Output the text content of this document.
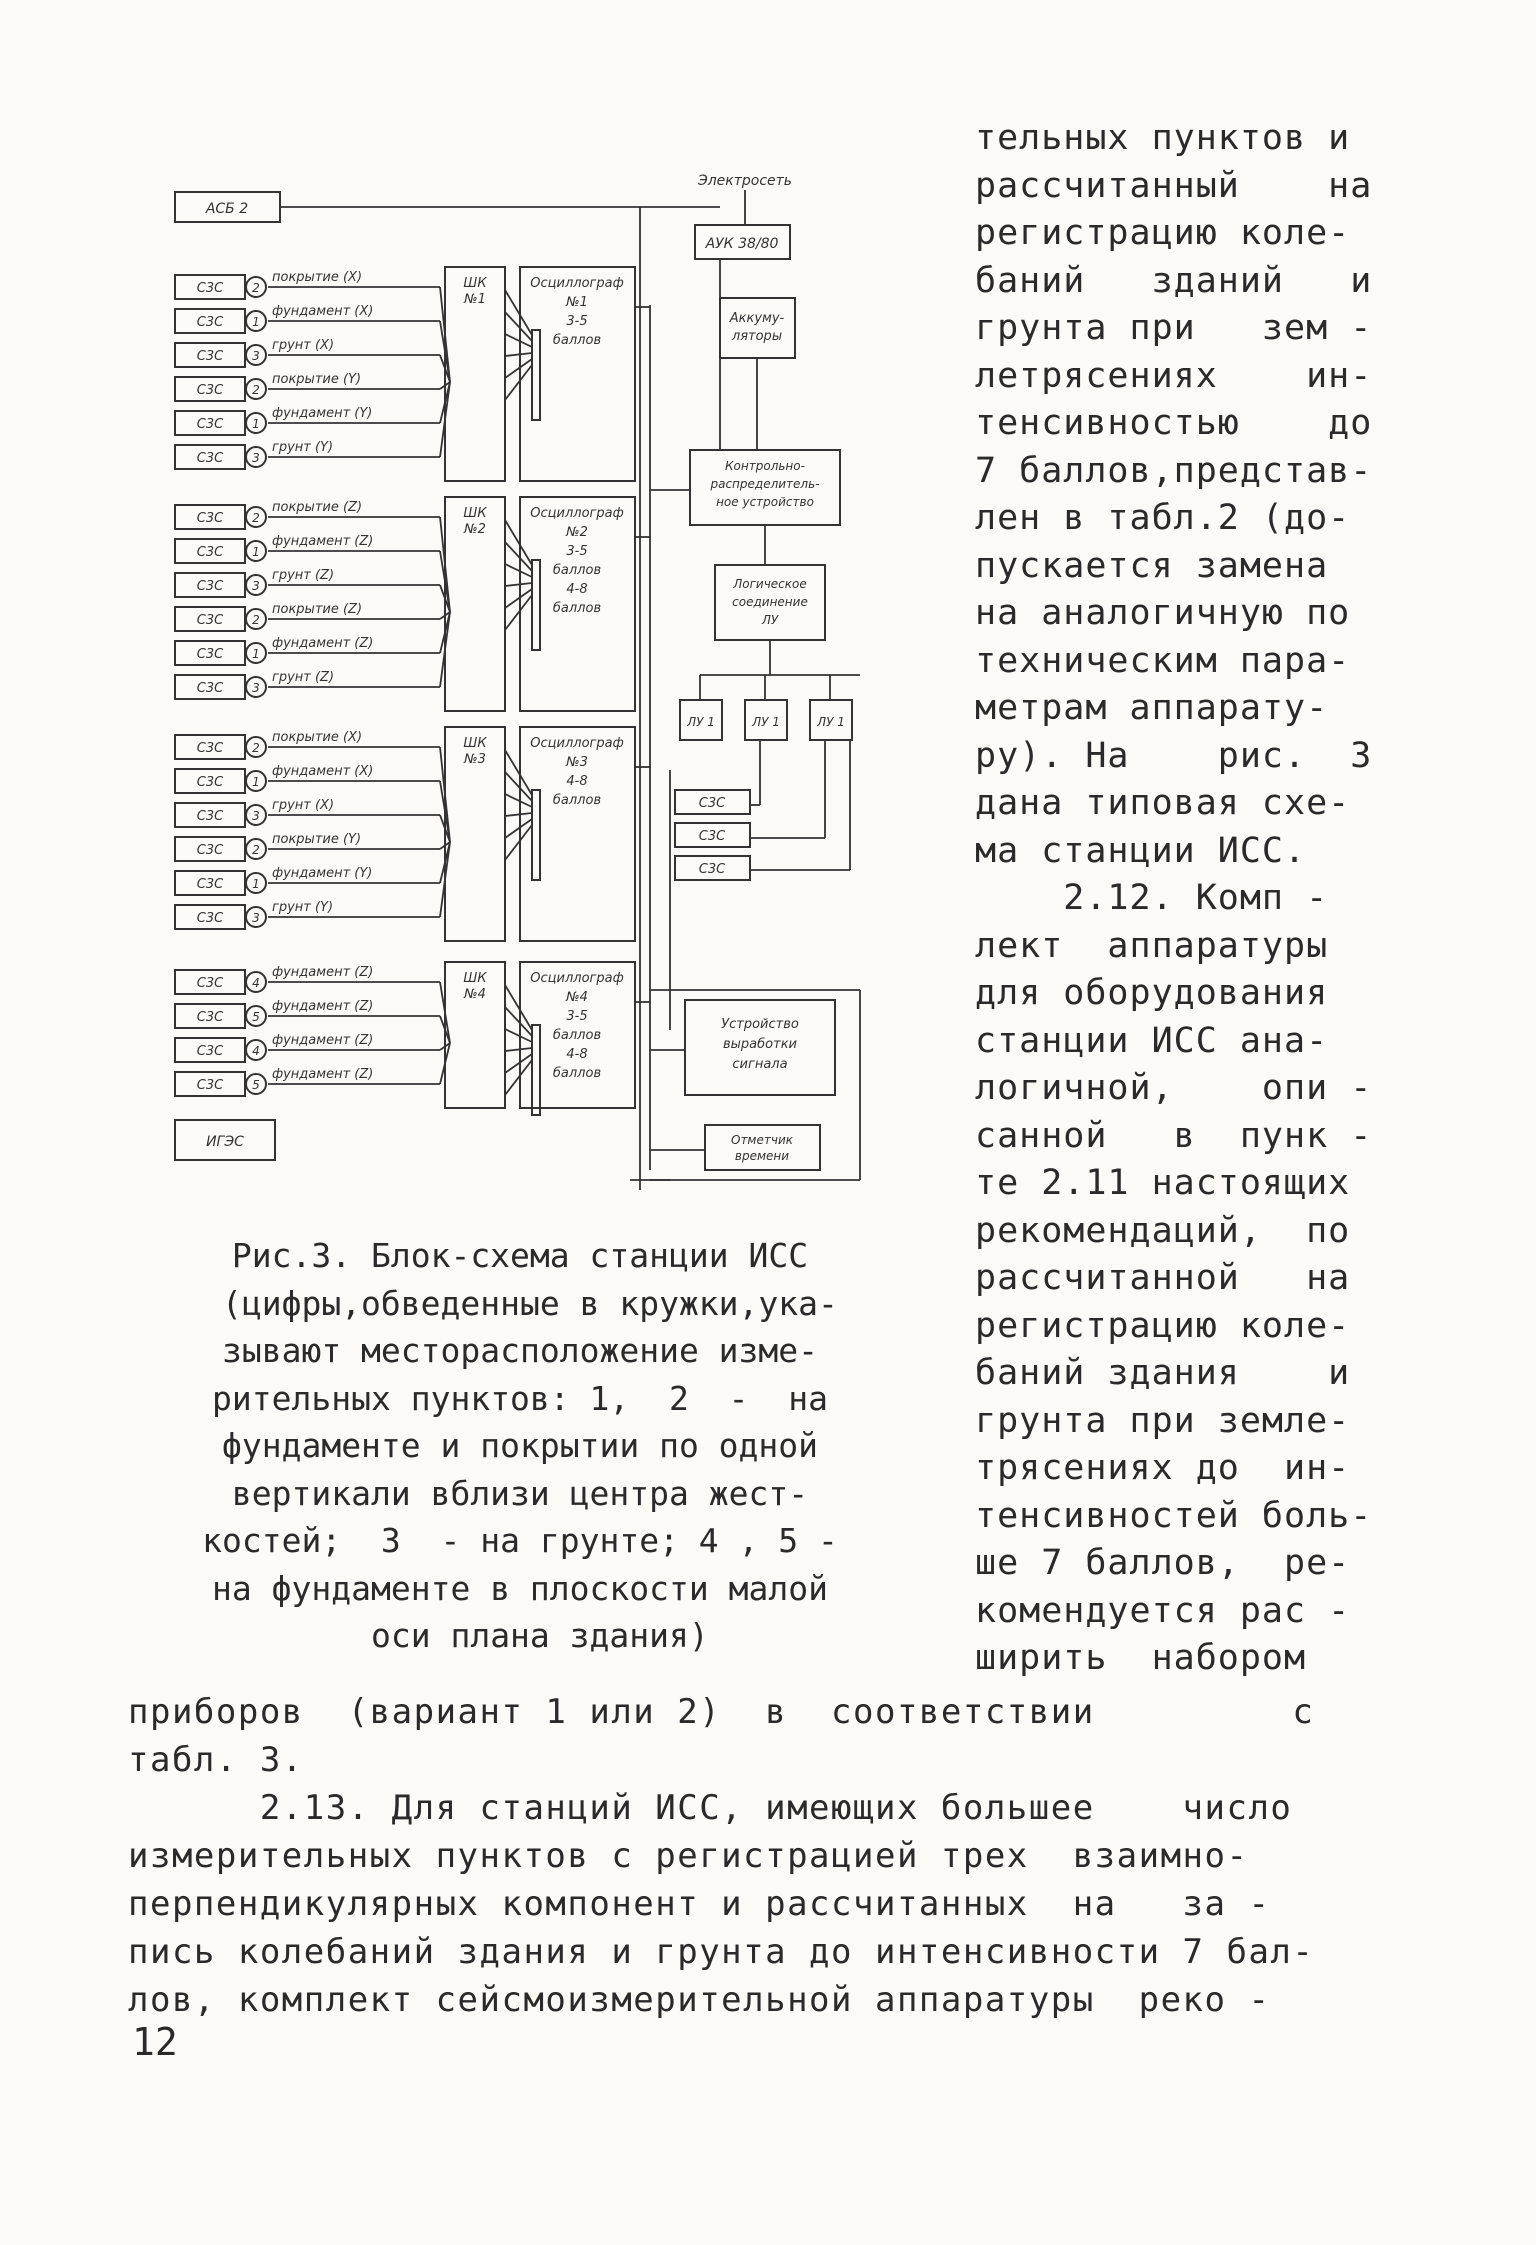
АСБ 2
С3С 2
покрытие (X)
С3С 1
фундамент (X)
С3С 3
грунт (X)
С3С 2
покрытие (Y)
С3С 1
фундамент (Y)
С3С 3
грунт (Y)
ШК
№1
Осциллограф
№1
3-5
баллов
С3С 2
покрытие (Z)
С3С 1
фундамент (Z)
С3С 3
грунт (Z)
С3С 2
покрытие (Z)
С3С 1
фундамент (Z)
С3С 3
грунт (Z)
ШК
№2
Осциллограф
№2
3-5
баллов
4-8
баллов
С3С 2
покрытие (X)
С3С 1
фундамент (X)
С3С 3
грунт (X)
С3С 2
покрытие (Y)
С3С 1
фундамент (Y)
С3С 3
грунт (Y)
ШК
№3
Осциллограф
№3
4-8
баллов
С3С 4
фундамент (Z)
С3С 5
фундамент (Z)
С3С 4
фундамент (Z)
С3С 5
фундамент (Z)
ШК
№4
Осциллограф
№4
3-5
баллов
4-8
баллов
Электросеть
АУК 38/80
Аккуму-
ляторы
Контрольно-
распределитель-
ное устройство
Логическое
соединение
ЛУ
ЛУ 1	ЛУ 1	ЛУ 1
С3С
С3С
С3С
Устройство
выработки
сигнала
Отметчик
времени
ИГЭС
тельных пунктов и
рассчитанный    на
регистрацию коле-
баний   зданий   и
грунта при   зем -
летрясениях    ин-
тенсивностью    до
7 баллов,представ-
лен в табл.2 (до-
пускается замена
на аналогичную по
техническим пара-
метрам аппарату-
ру). На    рис.  3
дана типовая схе-
ма станции ИСС.
2.12. Комп -
лект  аппаратуры
для оборудования
станции ИСС ана-
логичной,    опи -
санной   в  пунк -
те 2.11 настоящих
рекомендаций,  по
рассчитанной   на
регистрацию коле-
баний здания    и
грунта при земле-
трясениях до  ин-
тенсивностей боль-
ше 7 баллов,  ре-
комендуется рас -
ширить  набором
Рис.3. Блок-схема станции ИСС
(цифры,обведенные в кружки,ука-
зывают месторасположение изме-
рительных пунктов: 1,  2  -  на
фундаменте и покрытии по одной
вертикали вблизи центра жест-
костей;  3  - на грунте; 4 , 5 -
на фундаменте в плоскости малой
оси плана здания)
приборов  (вариант 1 или 2)  в  соответствии         с
табл. 3.
2.13. Для станций ИСС, имеющих большее    число
измерительных пунктов с регистрацией трех  взаимно-
перпендикулярных компонент и рассчитанных  на   за -
пись колебаний здания и грунта до интенсивности 7 бал-
лов, комплект сейсмоизмерительной аппаратуры  реко -
12
